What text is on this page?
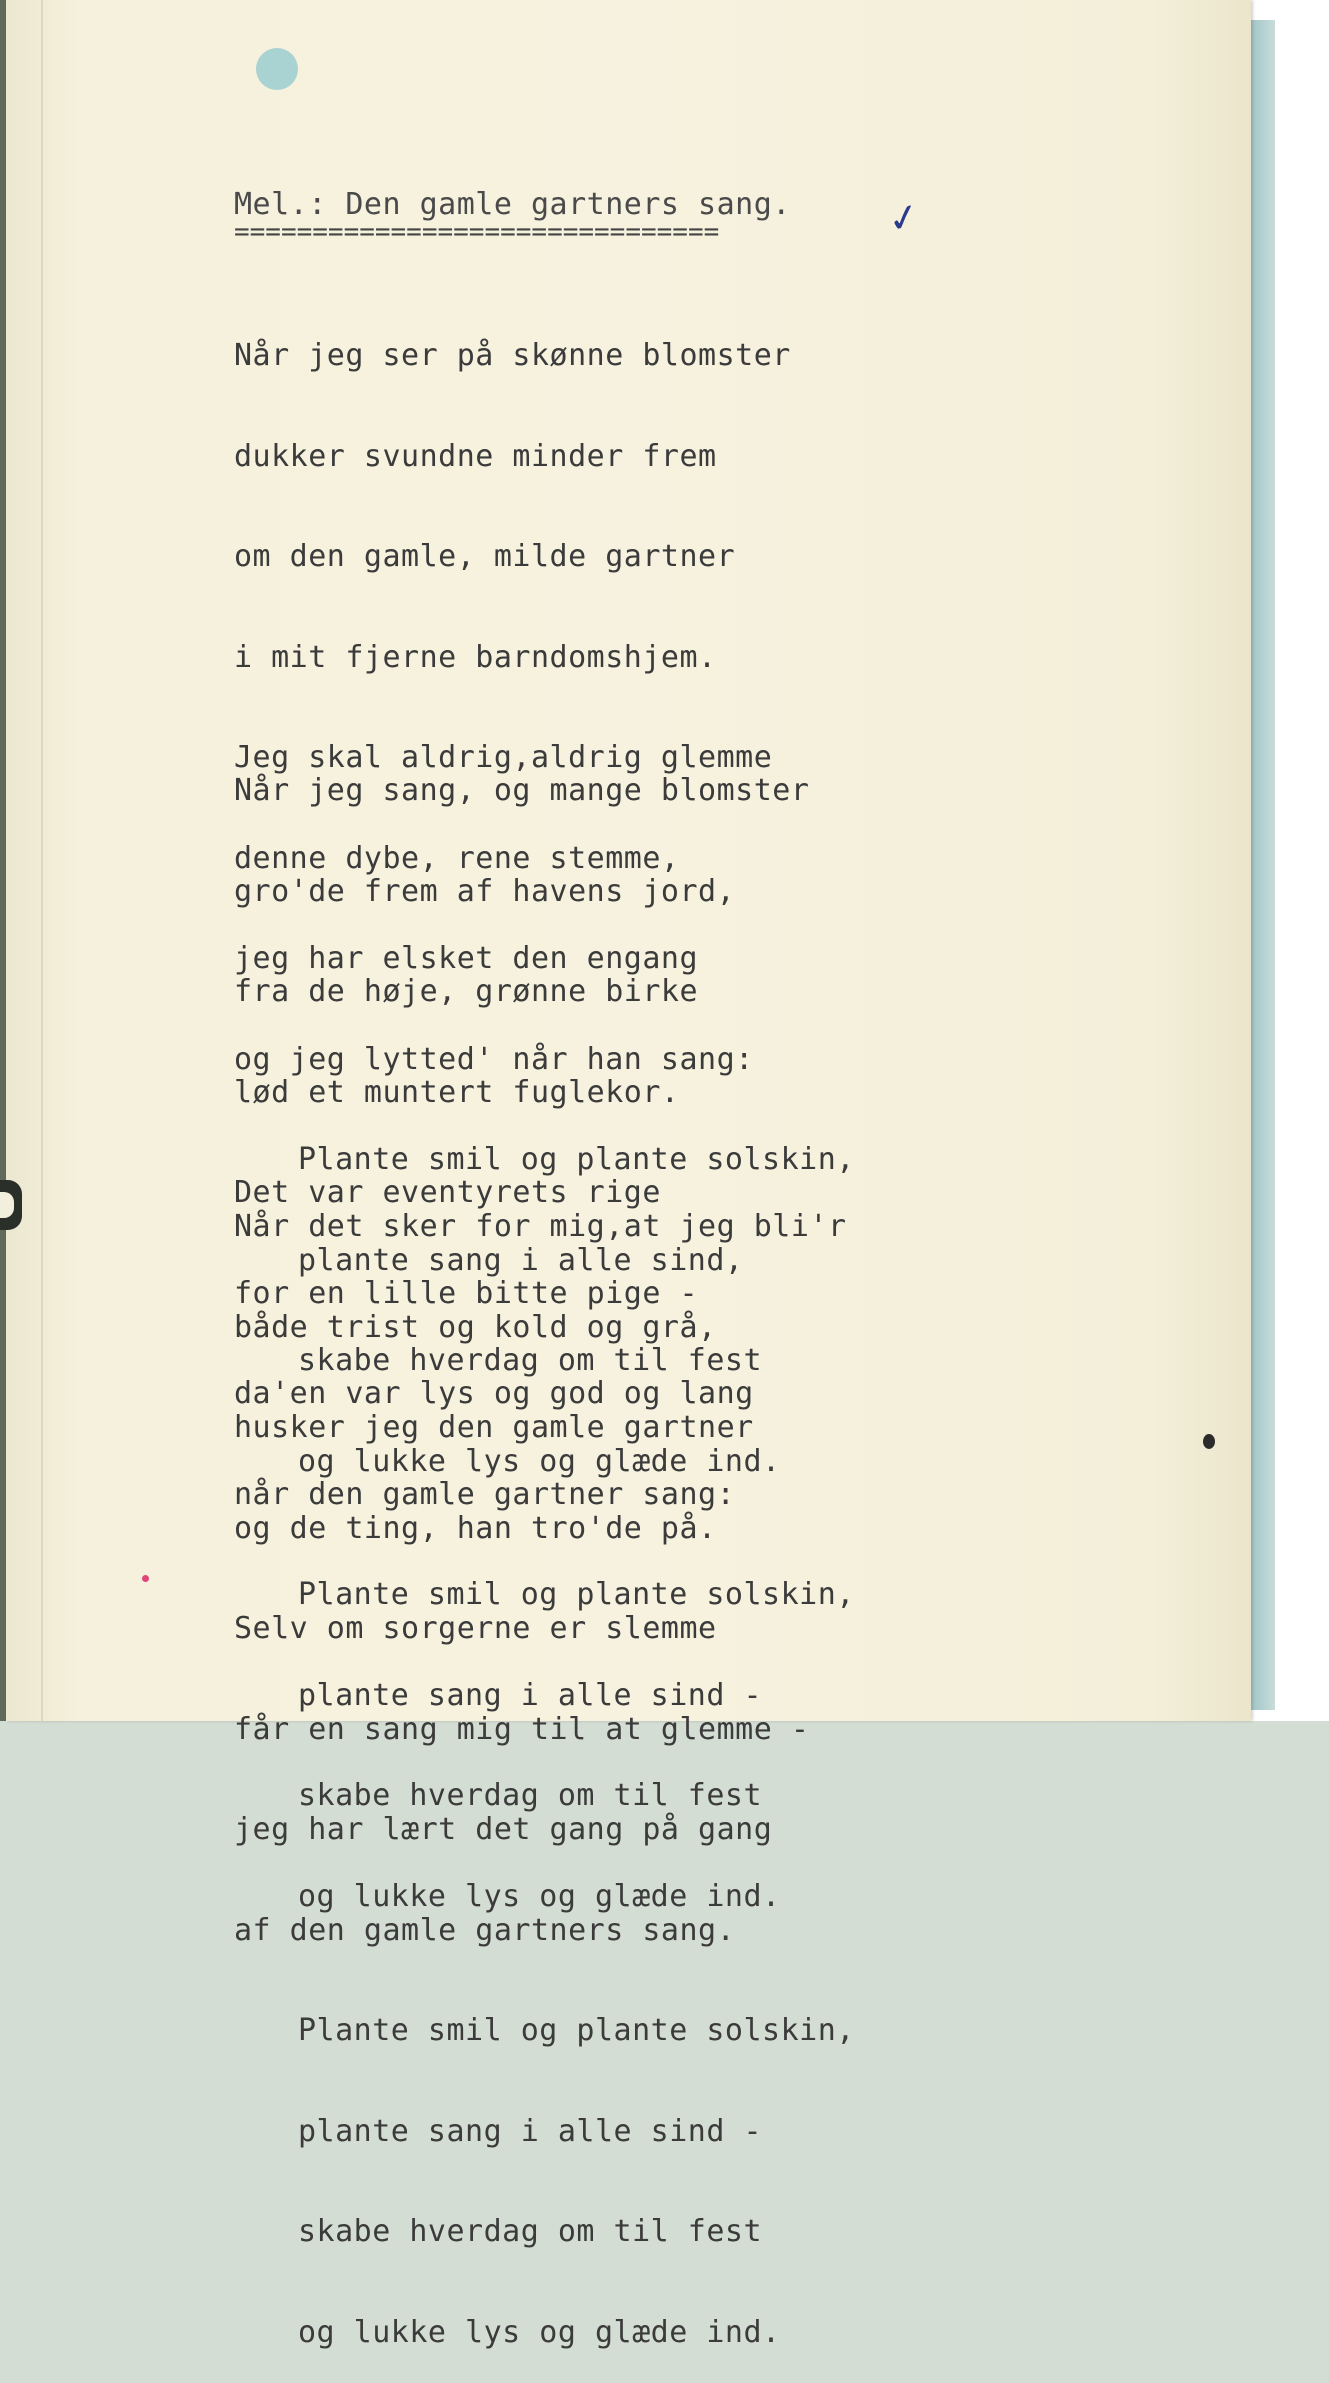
✓
Mel.: Den gamle gartners sang.
===============================

Når jeg ser på skønne blomster

dukker svundne minder frem

om den gamle, milde gartner

i mit fjerne barndomshjem.

Jeg skal aldrig,aldrig glemme

denne dybe, rene stemme,

jeg har elsket den engang

og jeg lytted' når han sang:

Plante smil og plante solskin,

plante sang i alle sind,

skabe hverdag om til fest

og lukke lys og glæde ind.

Når jeg sang, og mange blomster

gro'de frem af havens jord,

fra de høje, grønne birke

lød et muntert fuglekor.

Det var eventyrets rige

for en lille bitte pige -

da'en var lys og god og lang

når den gamle gartner sang:

Plante smil og plante solskin,

plante sang i alle sind -

skabe hverdag om til fest

og lukke lys og glæde ind.

Når det sker for mig,at jeg bli'r

både trist og kold og grå,

husker jeg den gamle gartner

og de ting, han tro'de på.

Selv om sorgerne er slemme

får en sang mig til at glemme -

jeg har lært det gang på gang

af den gamle gartners sang.

Plante smil og plante solskin,

plante sang i alle sind -

skabe hverdag om til fest

og lukke lys og glæde ind.
